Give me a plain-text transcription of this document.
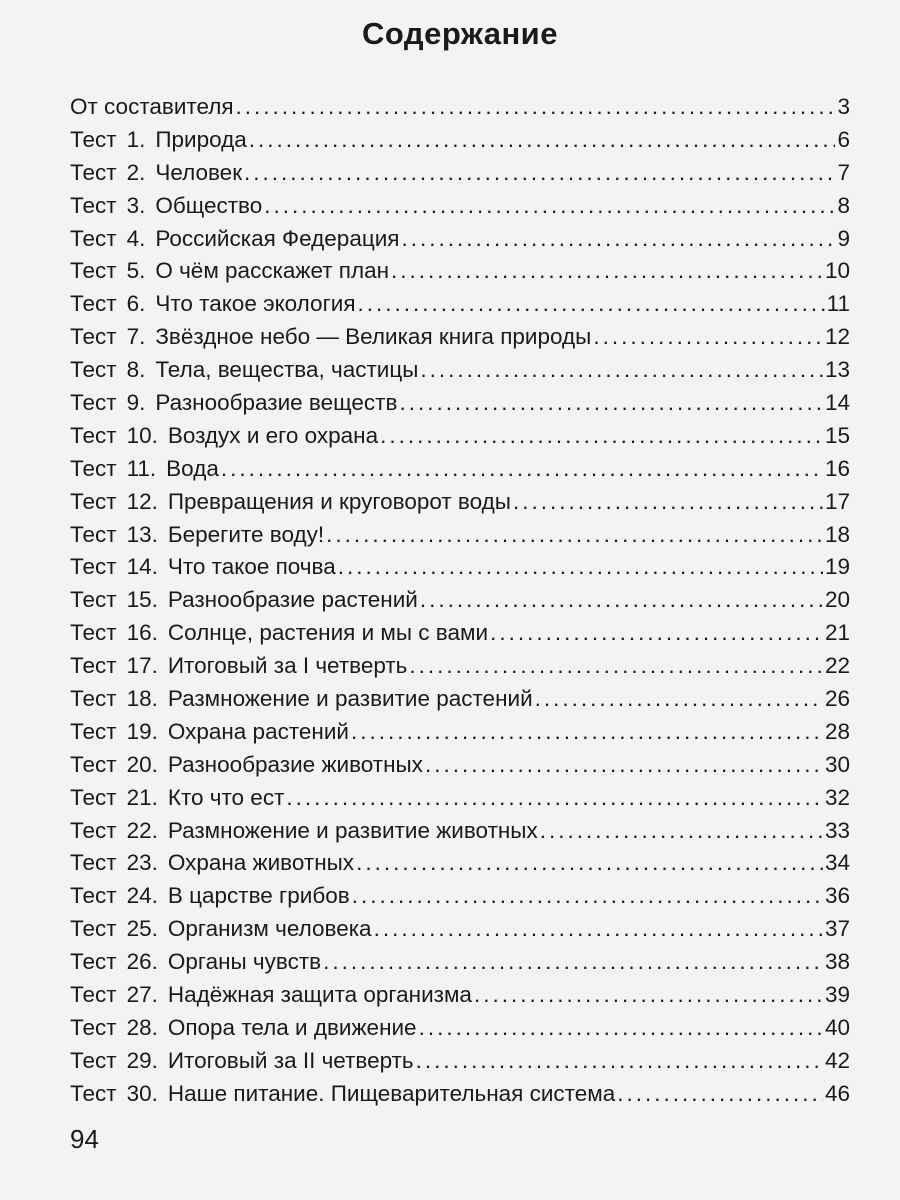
Содержание
От составителя .....	3
Тест 1. Природа .....	6
Тест 2. Человек .....	7
Тест 3. Общество .....	8
Тест 4. Российская Федерация .....	9
Тест 5. О чём расскажет план .....	10
Тест 6. Что такое экология .....	11
Тест 7. Звёздное небо — Великая книга природы .....	12
Тест 8. Тела, вещества, частицы .....	13
Тест 9. Разнообразие веществ .....	14
Тест 10. Воздух и его охрана .....	15
Тест 11. Вода .....	16
Тест 12. Превращения и круговорот воды .....	17
Тест 13. Берегите воду! .....	18
Тест 14. Что такое почва .....	19
Тест 15. Разнообразие растений .....	20
Тест 16. Солнце, растения и мы с вами .....	21
Тест 17. Итоговый за I четверть .....	22
Тест 18. Размножение и развитие растений .....	26
Тест 19. Охрана растений .....	28
Тест 20. Разнообразие животных .....	30
Тест 21. Кто что ест .....	32
Тест 22. Размножение и развитие животных .....	33
Тест 23. Охрана животных .....	34
Тест 24. В царстве грибов .....	36
Тест 25. Организм человека .....	37
Тест 26. Органы чувств .....	38
Тест 27. Надёжная защита организма .....	39
Тест 28. Опора тела и движение .....	40
Тест 29. Итоговый за II четверть .....	42
Тест 30. Наше питание. Пищеварительная система .....	46
94
